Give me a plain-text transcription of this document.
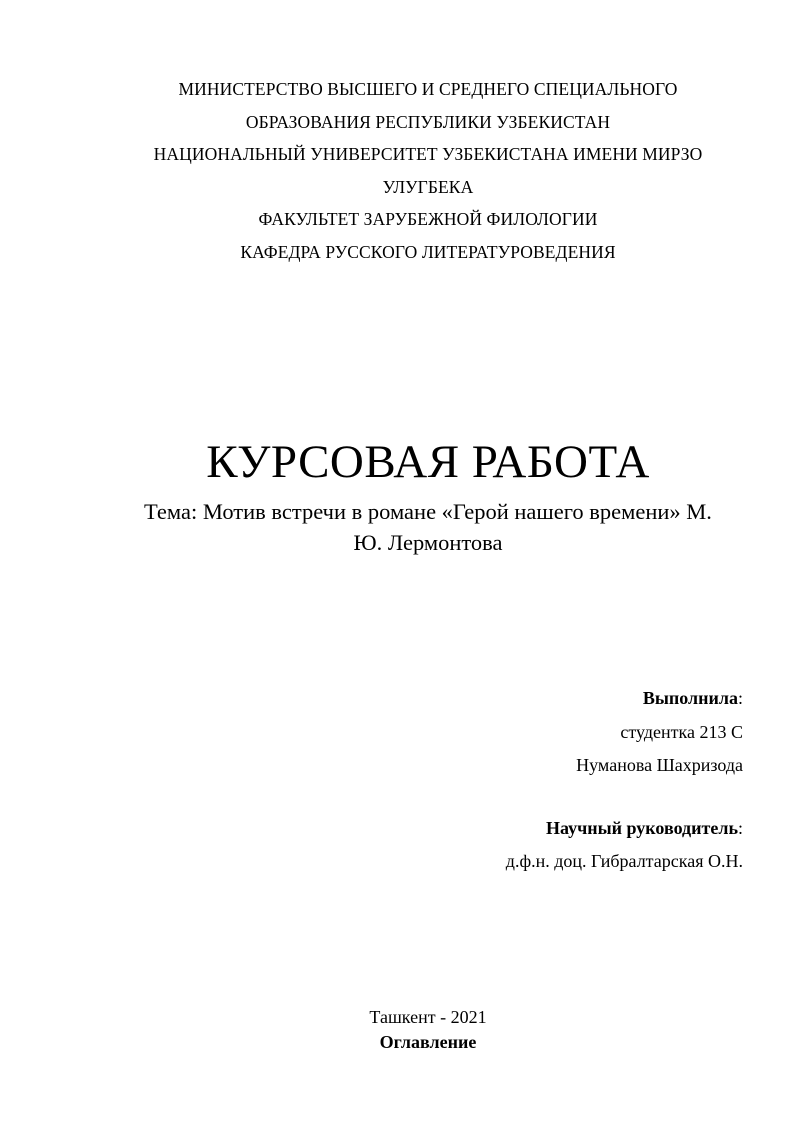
МИНИСТЕРСТВО ВЫСШЕГО И СРЕДНЕГО СПЕЦИАЛЬНОГО
ОБРАЗОВАНИЯ РЕСПУБЛИКИ УЗБЕКИСТАН
НАЦИОНАЛЬНЫЙ УНИВЕРСИТЕТ УЗБЕКИСТАНА ИМЕНИ МИРЗО
УЛУГБЕКА
ФАКУЛЬТЕТ ЗАРУБЕЖНОЙ ФИЛОЛОГИИ
КАФЕДРА РУССКОГО ЛИТЕРАТУРОВЕДЕНИЯ
КУРСОВАЯ РАБОТА
Тема: Мотив встречи в романе «Герой нашего времени» М.
Ю. Лермонтова
Выполнила:
студентка 213 С
Нуманова Шахризода
Научный руководитель:
д.ф.н. доц. Гибралтарская О.Н.
Ташкент - 2021
Оглавление
